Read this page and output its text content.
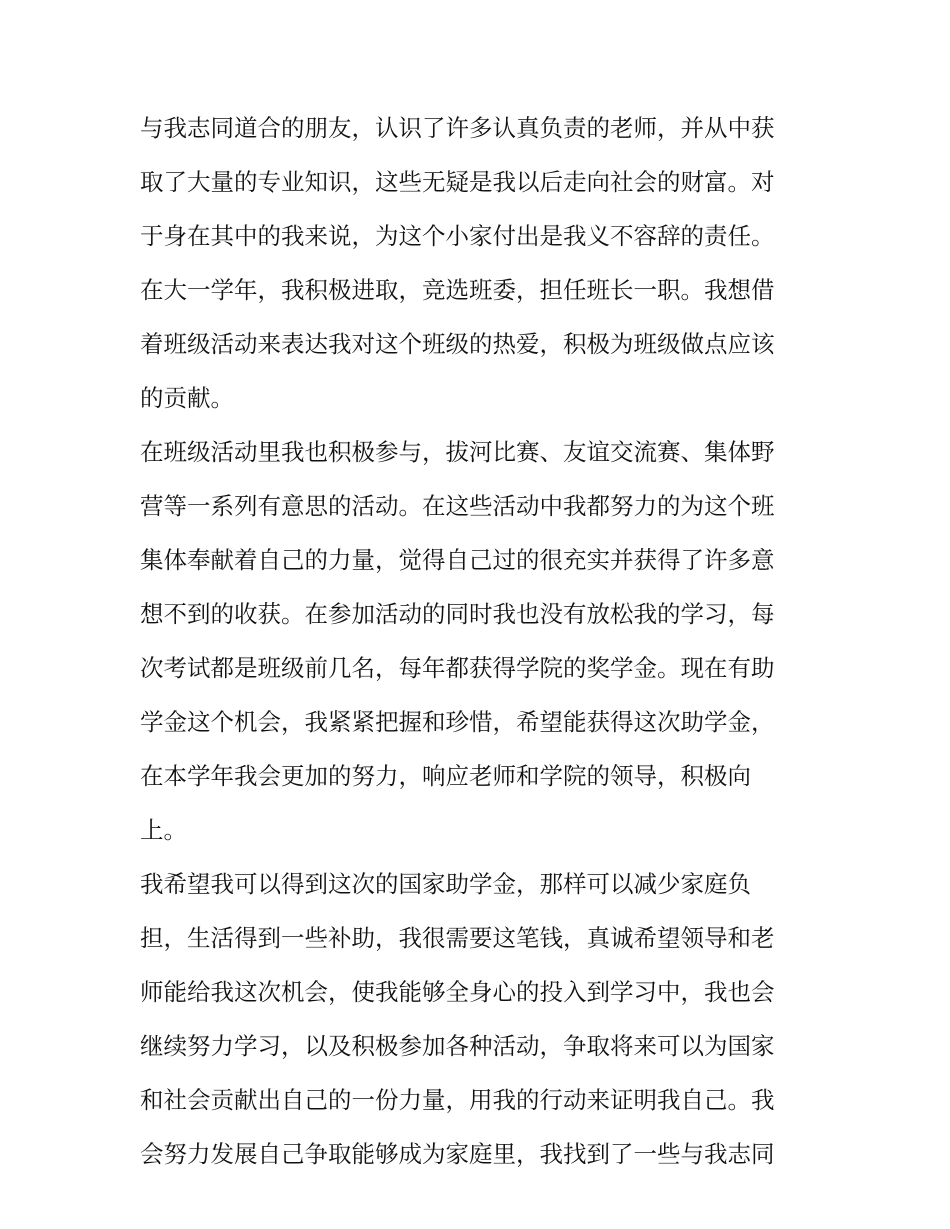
与我志同道合的朋友，认识了许多认真负责的老师，并从中获
取了大量的专业知识，这些无疑是我以后走向社会的财富。对
于身在其中的我来说，为这个小家付出是我义不容辞的责任。
在大一学年，我积极进取，竞选班委，担任班长一职。我想借
着班级活动来表达我对这个班级的热爱，积极为班级做点应该
的贡献。
在班级活动里我也积极参与，拔河比赛、友谊交流赛、集体野
营等一系列有意思的活动。在这些活动中我都努力的为这个班
集体奉献着自己的力量，觉得自己过的很充实并获得了许多意
想不到的收获。在参加活动的同时我也没有放松我的学习，每
次考试都是班级前几名，每年都获得学院的奖学金。现在有助
学金这个机会，我紧紧把握和珍惜，希望能获得这次助学金，
在本学年我会更加的努力，响应老师和学院的领导，积极向
上。
我希望我可以得到这次的国家助学金，那样可以减少家庭负
担，生活得到一些补助，我很需要这笔钱，真诚希望领导和老
师能给我这次机会，使我能够全身心的投入到学习中，我也会
继续努力学习，以及积极参加各种活动，争取将来可以为国家
和社会贡献出自己的一份力量，用我的行动来证明我自己。我
会努力发展自己争取能够成为家庭里，我找到了一些与我志同
